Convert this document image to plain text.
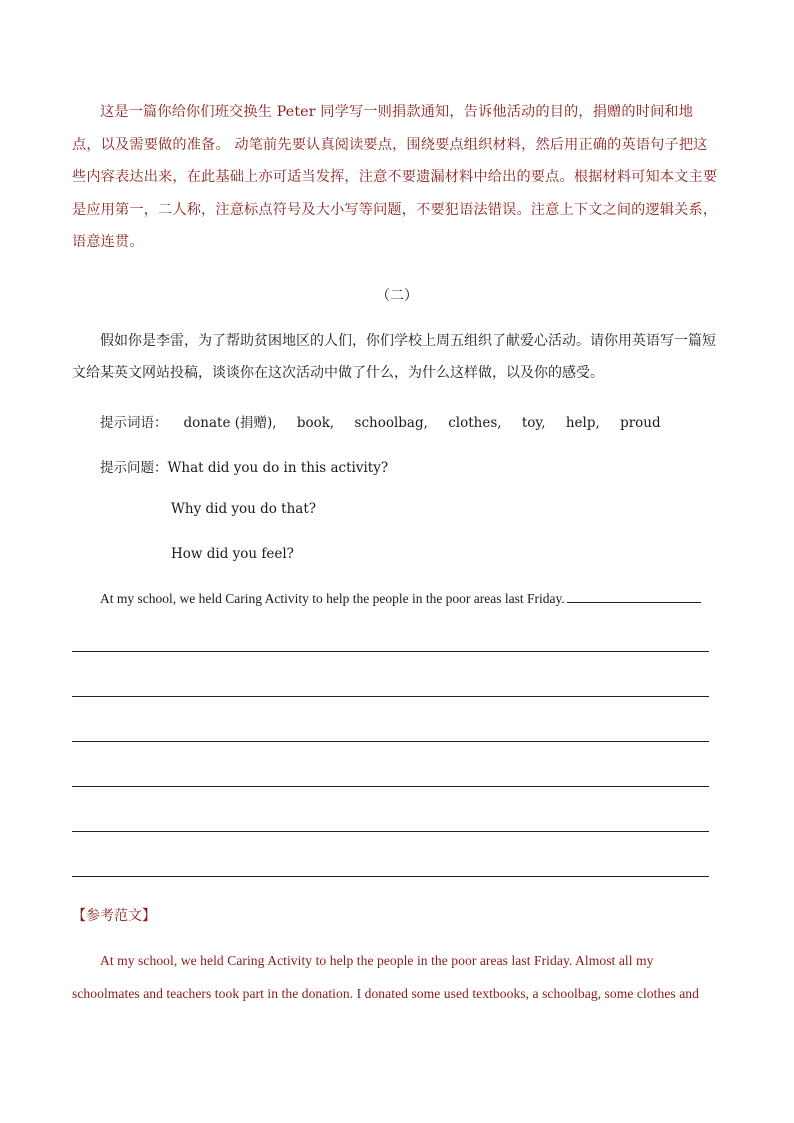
这是一篇你给你们班交换生 Peter 同学写一则捐款通知，告诉他活动的目的，捐赠的时间和地点，以及需要做的准备。 动笔前先要认真阅读要点，围绕要点组织材料，然后用正确的英语句子把这些内容表达出来，在此基础上亦可适当发挥，注意不要遗漏材料中给出的要点。根据材料可知本文主要是应用第一，二人称，注意标点符号及大小写等问题，不要犯语法错误。注意上下文之间的逻辑关系，语意连贯。

（二）

假如你是李雷，为了帮助贫困地区的人们，你们学校上周五组织了献爱心活动。请你用英语写一篇短文给某英文网站投稿，谈谈你在这次活动中做了什么，为什么这样做，以及你的感受。

提示词语： donate (捐赠), book, schoolbag, clothes, toy, help, proud
提示问题：What did you do in this activity?
Why did you do that?
How did you feel?
At my school, we held Caring Activity to help the people in the poor areas last Friday.
【参考范文】

At my school, we held Caring Activity to help the people in the poor areas last Friday. Almost all my schoolmates and teachers took part in the donation. I donated some used textbooks, a schoolbag, some clothes and
